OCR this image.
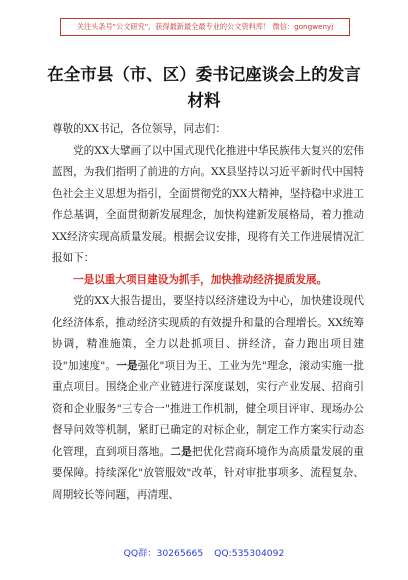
关注头条号"公文研究"，获得最新最全最专业的公文资料库！ 微信：gongwenyj
在全市县（市、区）委书记座谈会上的发言材料

尊敬的XX书记，各位领导，同志们：

党的XX大擘画了以中国式现代化推进中华民族伟大复兴的宏伟蓝图，为我们指明了前进的方向。XX县坚持以习近平新时代中国特色社会主义思想为指引，全面贯彻党的XX大精神，坚持稳中求进工作总基调，全面贯彻新发展理念，加快构建新发展格局，着力推动XX经济实现高质量发展。根据会议安排，现将有关工作进展情况汇报如下：

一是以重大项目建设为抓手，加快推动经济提质发展。

党的XX大报告提出，要坚持以经济建设为中心，加快建设现代化经济体系，推动经济实现质的有效提升和量的合理增长。XX统筹协调，精准施策，全力以赴抓项目、拼经济，奋力跑出项目建设"加速度"。一是强化"项目为王、工业为先"理念，滚动实施一批重点项目。围绕企业产业链进行深度谋划，实行产业发展、招商引资和企业服务"三专合一"推进工作机制，健全项目评审、现场办公督导问效等机制，紧盯已确定的对标企业，制定工作方案实行动态化管理，直到项目落地。二是把优化营商环境作为高质量发展的重要保障。持续深化"放管服效"改革，针对审批事项多、流程复杂、周期较长等问题，再清理、

QQ群：30265665 QQ:535304092
